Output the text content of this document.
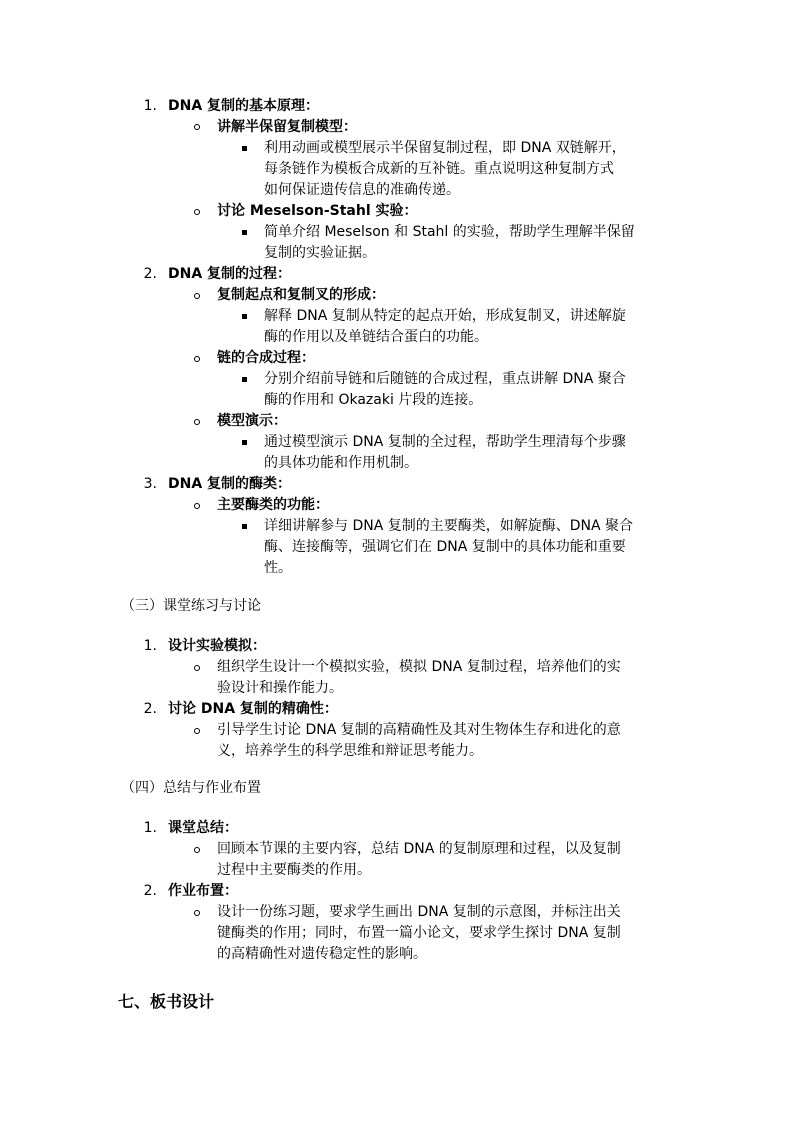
1. DNA 复制的基本原理：
讲解半保留复制模型：
利用动画或模型展示半保留复制过程，即 DNA 双链解开，
每条链作为模板合成新的互补链。重点说明这种复制方式
如何保证遗传信息的准确传递。
讨论 Meselson-Stahl 实验：
简单介绍 Meselson 和 Stahl 的实验，帮助学生理解半保留
复制的实验证据。
2. DNA 复制的过程：
复制起点和复制叉的形成：
解释 DNA 复制从特定的起点开始，形成复制叉，讲述解旋
酶的作用以及单链结合蛋白的功能。
链的合成过程：
分别介绍前导链和后随链的合成过程，重点讲解 DNA 聚合
酶的作用和 Okazaki 片段的连接。
模型演示：
通过模型演示 DNA 复制的全过程，帮助学生理清每个步骤
的具体功能和作用机制。
3. DNA 复制的酶类：
主要酶类的功能：
详细讲解参与 DNA 复制的主要酶类，如解旋酶、DNA 聚合
酶、连接酶等，强调它们在 DNA 复制中的具体功能和重要
性。
（三）课堂练习与讨论
1. 设计实验模拟：
组织学生设计一个模拟实验，模拟 DNA 复制过程，培养他们的实
验设计和操作能力。
2. 讨论 DNA 复制的精确性：
引导学生讨论 DNA 复制的高精确性及其对生物体生存和进化的意
义，培养学生的科学思维和辩证思考能力。
（四）总结与作业布置
1. 课堂总结：
回顾本节课的主要内容，总结 DNA 的复制原理和过程，以及复制
过程中主要酶类的作用。
2. 作业布置：
设计一份练习题，要求学生画出 DNA 复制的示意图，并标注出关
键酶类的作用；同时，布置一篇小论文，要求学生探讨 DNA 复制
的高精确性对遗传稳定性的影响。
七、板书设计
